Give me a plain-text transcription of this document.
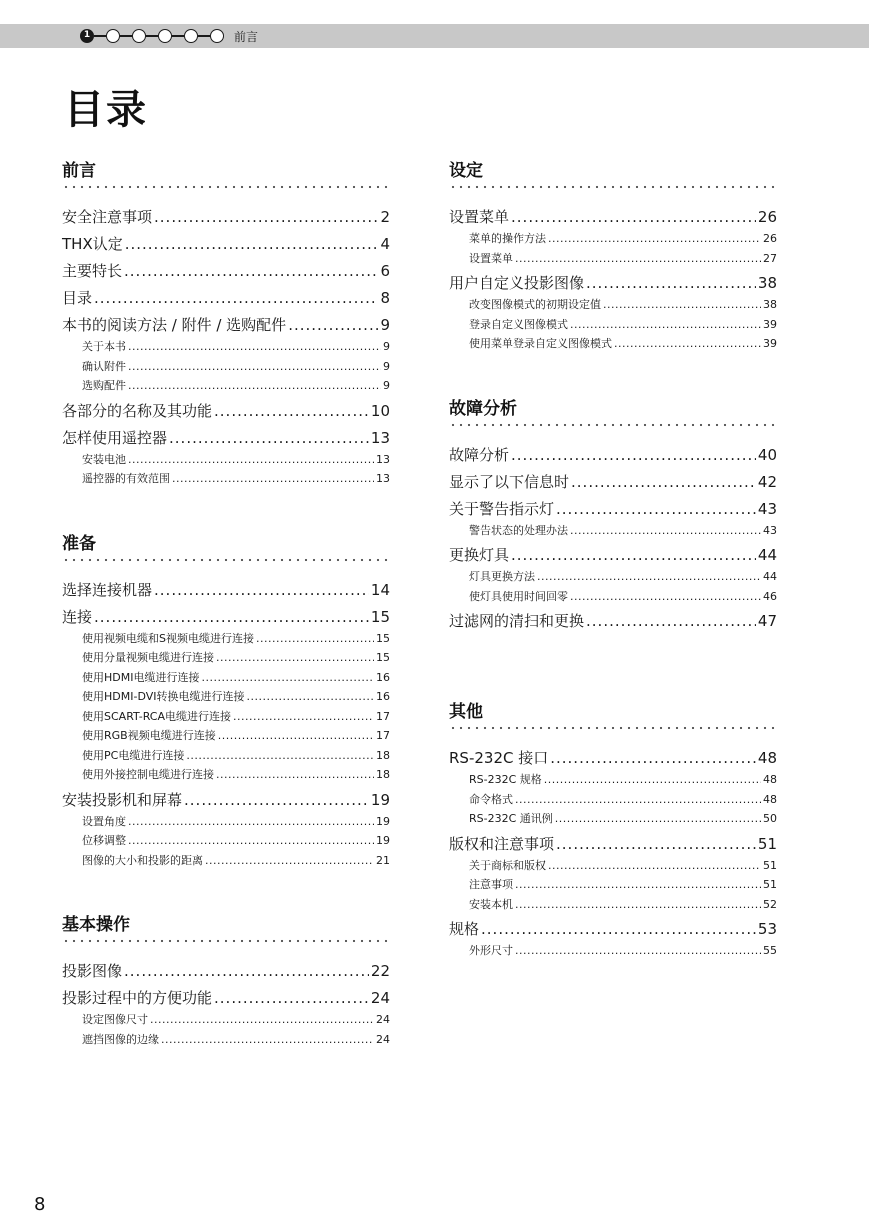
1	前言
目录
前言
安全注意事项 .....	2
THX认定 .....	4
主要特长 .....	6
目录 .....	8
本书的阅读方法 / 附件 / 选购配件 .....	9
关于本书 .....	9
确认附件 .....	9
选购配件 .....	9
各部分的名称及其功能 .....	10
怎样使用遥控器 .....	13
安装电池 .....	13
遥控器的有效范围 .....	13
准备
选择连接机器 .....	14
连接 .....	15
使用视频电缆和S视频电缆进行连接 .....	15
使用分量视频电缆进行连接 .....	15
使用HDMI电缆进行连接 .....	16
使用HDMI-DVI转换电缆进行连接 .....	16
使用SCART-RCA电缆进行连接 .....	17
使用RGB视频电缆进行连接 .....	17
使用PC电缆进行连接 .....	18
使用外接控制电缆进行连接 .....	18
安装投影机和屏幕 .....	19
设置角度 .....	19
位移调整 .....	19
图像的大小和投影的距离 .....	21
基本操作
投影图像 .....	22
投影过程中的方便功能 .....	24
设定图像尺寸 .....	24
遮挡图像的边缘 .....	24
设定
设置菜单 .....	26
菜单的操作方法 .....	26
设置菜单 .....	27
用户自定义投影图像 .....	38
改变图像模式的初期设定值 .....	38
登录自定义图像模式 .....	39
使用菜单登录自定义图像模式 .....	39
故障分析
故障分析 .....	40
显示了以下信息时 .....	42
关于警告指示灯 .....	43
警告状态的处理办法 .....	43
更换灯具 .....	44
灯具更换方法 .....	44
使灯具使用时间回零 .....	46
过滤网的清扫和更换 .....	47
其他
RS-232C 接口 .....	48
RS-232C 规格 .....	48
命令格式 .....	48
RS-232C 通讯例 .....	50
版权和注意事项 .....	51
关于商标和版权 .....	51
注意事项 .....	51
安装本机 .....	52
规格 .....	53
外形尺寸 .....	55
8
